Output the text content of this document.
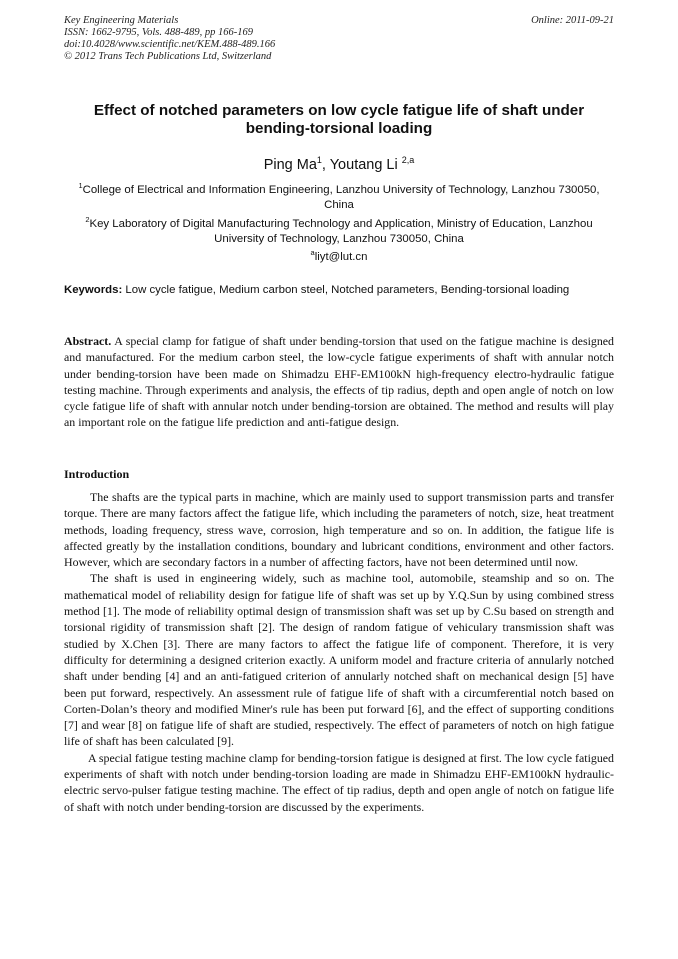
Key Engineering Materials
ISSN: 1662-9795, Vols. 488-489, pp 166-169
doi:10.4028/www.scientific.net/KEM.488-489.166
© 2012 Trans Tech Publications Ltd, Switzerland
Online: 2011-09-21
Effect of notched parameters on low cycle fatigue life of shaft under bending-torsional loading
Ping Ma$^1$, Youtang Li $^{2,a}$
$^1$College of Electrical and Information Engineering, Lanzhou University of Technology, Lanzhou 730050, China
$^2$Key Laboratory of Digital Manufacturing Technology and Application, Ministry of Education, Lanzhou University of Technology, Lanzhou 730050, China
$^a$liyt@lut.cn
Keywords: Low cycle fatigue, Medium carbon steel, Notched parameters, Bending-torsional loading
Abstract. A special clamp for fatigue of shaft under bending-torsion that used on the fatigue machine is designed and manufactured. For the medium carbon steel, the low-cycle fatigue experiments of shaft with annular notch under bending-torsion have been made on Shimadzu EHF-EM100kN high-frequency electro-hydraulic fatigue testing machine. Through experiments and analysis, the effects of tip radius, depth and open angle of notch on low cycle fatigue life of shaft with annular notch under bending-torsion are obtained. The method and results will play an important role on the fatigue life prediction and anti-fatigue design.
Introduction

The shafts are the typical parts in machine, which are mainly used to support transmission parts and transfer torque. There are many factors affect the fatigue life, which including the parameters of notch, size, heat treatment methods, loading frequency, stress wave, corrosion, high temperature and so on. In addition, the fatigue life is affected greatly by the installation conditions, boundary and lubricant conditions, environment and other factors. However, which are secondary factors in a number of affecting factors, have not been determined until now.

The shaft is used in engineering widely, such as machine tool, automobile, steamship and so on. The mathematical model of reliability design for fatigue life of shaft was set up by Y.Q.Sun by using combined stress method [1]. The mode of reliability optimal design of transmission shaft was set up by C.Su based on strength and torsional rigidity of transmission shaft [2]. The design of random fatigue of vehiculary transmission shaft was studied by X.Chen [3]. There are many factors to affect the fatigue life of component. Therefore, it is very difficulty for determining a designed criterion exactly. A uniform model and fracture criteria of annularly notched shaft under bending [4] and an anti-fatigued criterion of annularly notched shaft on mechanical design [5] have been put forward, respectively. An assessment rule of fatigue life of shaft with a circumferential notch based on Corten-Dolan’s theory and modified Miner's rule has been put forward [6], and the effect of supporting conditions [7] and wear [8] on fatigue life of shaft are studied, respectively. The effect of parameters of notch on high fatigue life of shaft has been calculated [9].

A special fatigue testing machine clamp for bending-torsion fatigue is designed at first. The low cycle fatigued experiments of shaft with notch under bending-torsion loading are made in Shimadzu EHF-EM100kN hydraulic-electric servo-pulser fatigue testing machine. The effect of tip radius, depth and open angle of notch on fatigue life of shaft with notch under bending-torsion are discussed by the experiments.
